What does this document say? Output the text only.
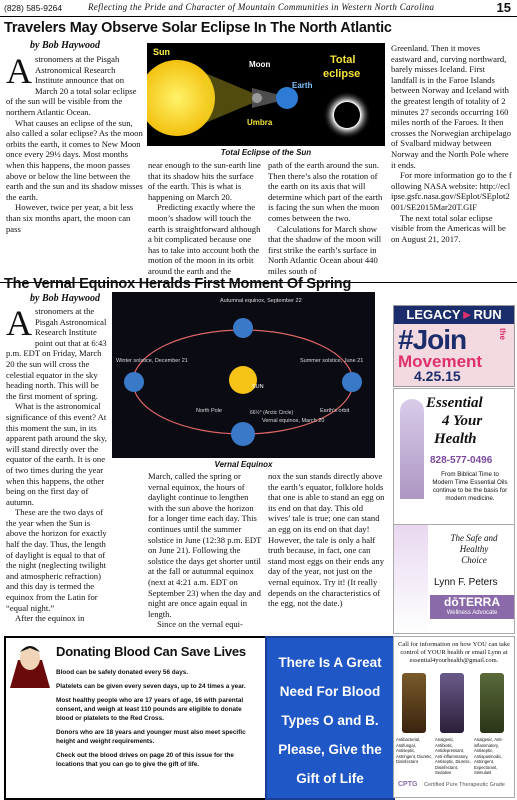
(828) 585-9264	Reflecting the Pride and Character of Mountain Communities in Western North Carolina	15
Travelers May Observe Solar Eclipse In The North Atlantic
by Bob Haywood

Astronomers at the Pisgah Astronomical Research Institute announce that on March 20 a total solar eclipse of the sun will be visible from the northern Atlantic Ocean.

What causes an eclipse of the sun, also called a solar eclipse? As the moon orbits the earth, it comes to New Moon once every 29½ days. Most months when this happens, the moon passes above or below the line between the earth and the sun and its shadow misses the earth.

However, twice per year, a bit less than six months apart, the moon can pass

Sun
Moon
Earth
Umbra
Total
eclipse
Total Eclipse of the Sun

near enough to the sun-earth line that its shadow hits the surface of the earth. This is what is happening on March 20.

Predicting exactly where the moon’s shadow will touch the earth is straightforward although a bit complicated because one has to take into account both the motion of the moon in its orbit around the earth and the

path of the earth around the sun. Then there’s also the rotation of the earth on its axis that will determine which part of the earth is facing the sun when the moon comes between the two.

Calculations for March show that the shadow of the moon will first strike the earth’s surface in North Atlantic Ocean about 440 miles south of

Greenland. Then it moves eastward and, curving northward, barely misses Iceland. First landfall is in the Faroe Islands between Norway and Iceland with the greatest length of totality of 2 minutes 27 seconds occurring 160 miles north of the Faroes. It then crosses the Norwegian archipelago of Svalbard midway between Norway and the North Pole where it ends.

For more information go to the following NASA website: http://eclipse.gsfc.nasa.gov/SEplot/SEplot2001/SE2015Mar20T.GIF

The next total solar eclipse visible from the Americas will be on August 21, 2017.

The Vernal Equinox Heralds First Moment Of Spring
by Bob Haywood

Astronomers at the Pisgah Astronomical Research Institute point out that at 6:43 p.m. EDT on Friday, March 20 the sun will cross the celestial equator in the sky heading north. This will be the first moment of spring.

What is the astronomical significance of this event? At this moment the sun, in its apparent path around the sky, will stand directly over the equator of the earth. It is one of two times during the year when this happens, the other being on the first day of autumn.

These are the two days of the year when the Sun is above the horizon for exactly half the day. Thus, the length of daylight is equal to that of the night (neglecting twilight and atmospheric refraction) and this day is termed the equinox from the Latin for “equal night.”

After the equinox in

Autumnal equinox, September 22
Winter solstice, December 21	Summer solstice, June 21
Vernal equinox, March 20
SUN
North Pole	66½° (Arctic Circle)	Earth’s orbit
Vernal Equinox

March, called the spring or vernal equinox, the hours of daylight continue to lengthen with the sun above the horizon for a longer time each day. This continues until the summer solstice in June (12:38 p.m. EDT on June 21). Following the solstice the days get shorter until at the fall or autumnal equinox (next at 4:21 a.m. EDT on September 23) when the day and night are once again equal in length.

Since on the vernal equi-

nox the sun stands directly above the earth’s equator, folklore holds that one is able to stand an egg on its end on that day. This old wives’ tale is true; one can stand an egg on its end on that day! However, the tale is only a half truth because, in fact, one can stand most eggs on their ends any day of the year, not just on the vernal equinox. Try it! (It really depends on the characteristics of the egg, not the date.)

LEGACY►RUN
#Join	the
Movement
4.25.15
Essential
4 Your
Health
828-577-0496
From Biblical Time to Modern Time Essential Oils continue to be the basis for modern medicine.
The Safe and
Healthy
Choice
Lynn F. Peters
dōTERRA
Wellness Advocate
Donating Blood Can Save Lives

Blood can be safely donated every 56 days.

Platelets can be given every seven days, up to 24 times a year.

Most healthy people who are 17 years of age, 16 with parental consent, and weigh at least 110 pounds are eligible to donate blood or platelets to the Red Cross.

Donors who are 18 years and younger must also meet specific height and weight requirements.

Check out the blood drives on page 20 of this issue for the locations that you can go to give the gift of life.

There Is A Great
Need For Blood
Types O and B.
Please, Give the
Gift of Life
Call for information on how YOU can take control of YOUR health or email Lynn at essential4yourhealth@gmail.com.
Antibacterial, Antifungal, Antiseptic, Astringent, Diuretic, Disinfectant
Analgesic, Antibiotic, Antidepressant, Anti-inflammatory, Antiseptic, Diuretic, Disinfectant, Sedative
Analgesic, Anti-inflammatory, Antiseptic, Antispasmodic, Astringent, Expectorant, Stimulant
CPTG Certified Pure Therapeutic Grade
